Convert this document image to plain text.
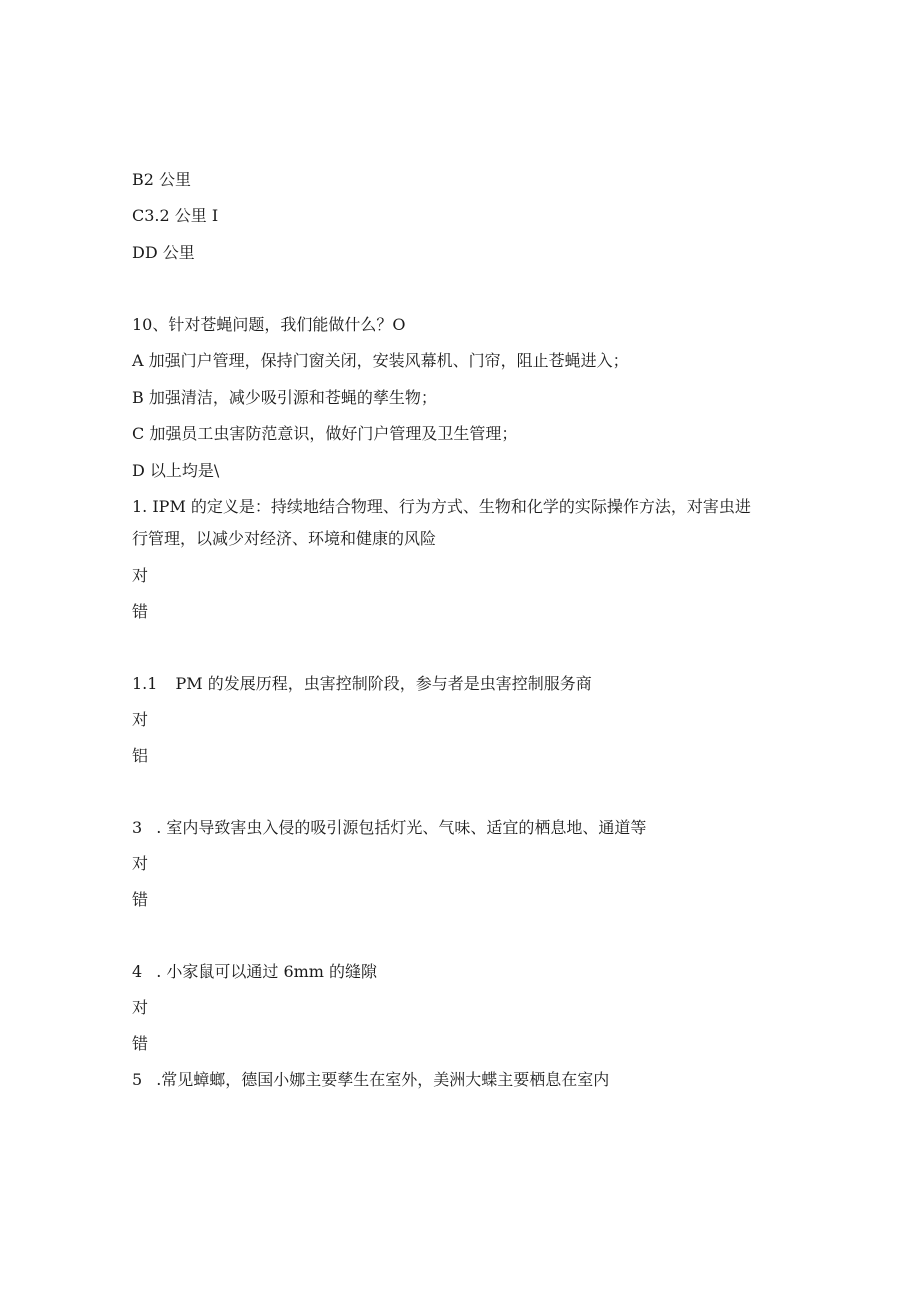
B2 公里
C3.2 公里 I
DD 公里
10、针对苍蝇问题，我们能做什么？O
A 加强门户管理，保持门窗关闭，安装风幕机、门帘，阻止苍蝇进入；
B 加强清洁，减少吸引源和苍蝇的孳生物；
C 加强员工虫害防范意识，做好门户管理及卫生管理；
D 以上均是\
1. IPM 的定义是：持续地结合物理、行为方式、生物和化学的实际操作方法，对害虫进
行管理，以减少对经济、环境和健康的风险
对
错
1.1 PM 的发展历程，虫害控制阶段，参与者是虫害控制服务商
对
铝
3 . 室内导致害虫入侵的吸引源包括灯光、气味、适宜的栖息地、通道等
对
错
4 . 小家鼠可以通过 6mm 的缝隙
对
错
5 .常见蟑螂，德国小娜主要孳生在室外，美洲大蝶主要栖息在室内
